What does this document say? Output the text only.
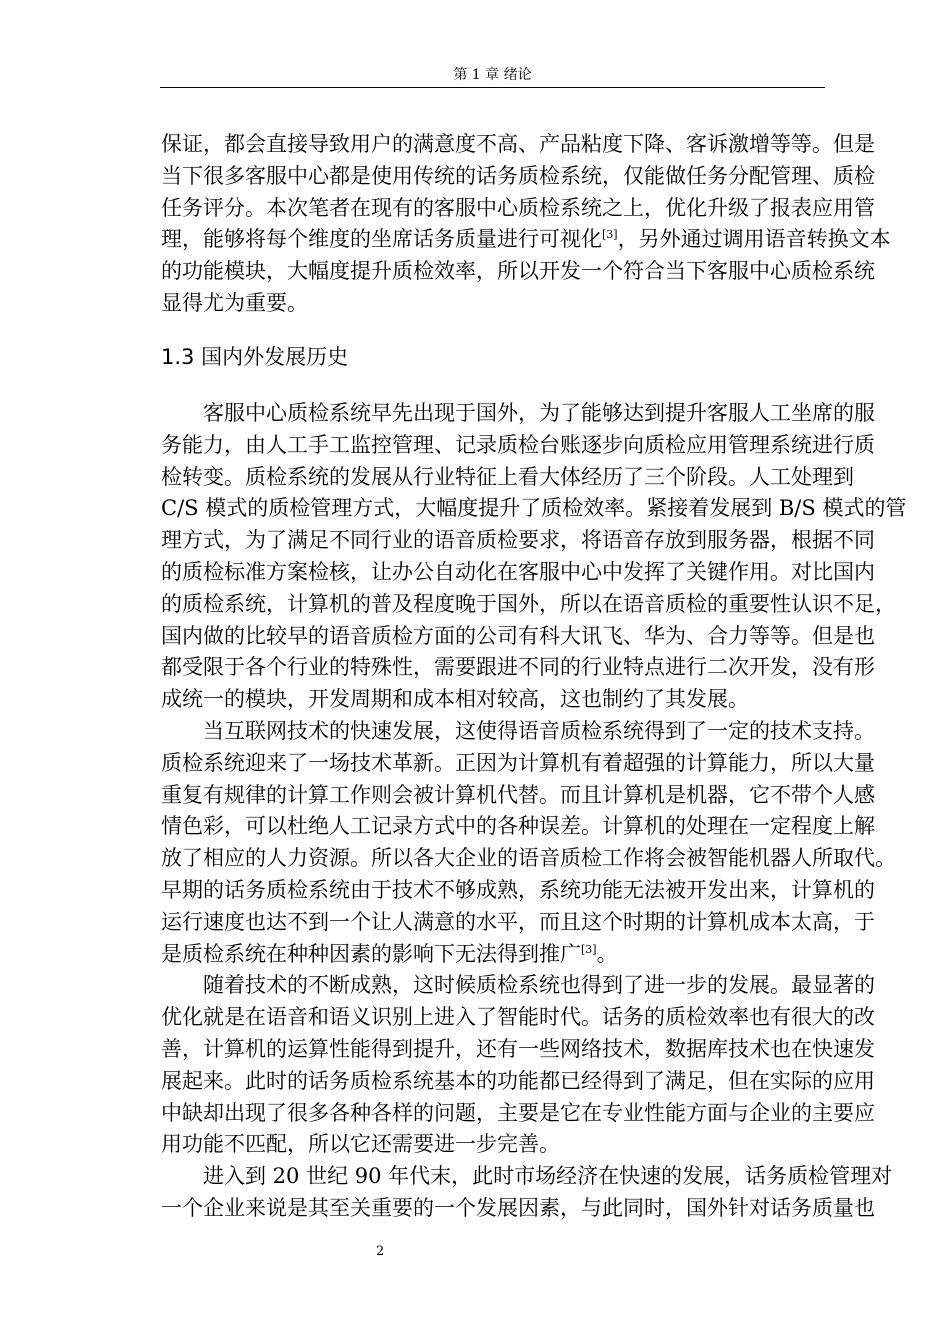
第 1 章 绪论
保证，都会直接导致用户的满意度不高、产品粘度下降、客诉激增等等。但是
当下很多客服中心都是使用传统的话务质检系统，仅能做任务分配管理、质检
任务评分。本次笔者在现有的客服中心质检系统之上，优化升级了报表应用管
理，能够将每个维度的坐席话务质量进行可视化[3]，另外通过调用语音转换文本
的功能模块，大幅度提升质检效率，所以开发一个符合当下客服中心质检系统
显得尤为重要。
1.3 国内外发展历史
客服中心质检系统早先出现于国外，为了能够达到提升客服人工坐席的服
务能力，由人工手工监控管理、记录质检台账逐步向质检应用管理系统进行质
检转变。质检系统的发展从行业特征上看大体经历了三个阶段。人工处理到
C/S 模式的质检管理方式，大幅度提升了质检效率。紧接着发展到 B/S 模式的管
理方式，为了满足不同行业的语音质检要求，将语音存放到服务器，根据不同
的质检标准方案检核，让办公自动化在客服中心中发挥了关键作用。对比国内
的质检系统，计算机的普及程度晚于国外，所以在语音质检的重要性认识不足，
国内做的比较早的语音质检方面的公司有科大讯飞、华为、合力等等。但是也
都受限于各个行业的特殊性，需要跟进不同的行业特点进行二次开发，没有形
成统一的模块，开发周期和成本相对较高，这也制约了其发展。
当互联网技术的快速发展，这使得语音质检系统得到了一定的技术支持。
质检系统迎来了一场技术革新。正因为计算机有着超强的计算能力，所以大量
重复有规律的计算工作则会被计算机代替。而且计算机是机器，它不带个人感
情色彩，可以杜绝人工记录方式中的各种误差。计算机的处理在一定程度上解
放了相应的人力资源。所以各大企业的语音质检工作将会被智能机器人所取代。
早期的话务质检系统由于技术不够成熟，系统功能无法被开发出来，计算机的
运行速度也达不到一个让人满意的水平，而且这个时期的计算机成本太高，于
是质检系统在种种因素的影响下无法得到推广[3]。
随着技术的不断成熟，这时候质检系统也得到了进一步的发展。最显著的
优化就是在语音和语义识别上进入了智能时代。话务的质检效率也有很大的改
善，计算机的运算性能得到提升，还有一些网络技术，数据库技术也在快速发
展起来。此时的话务质检系统基本的功能都已经得到了满足，但在实际的应用
中缺却出现了很多各种各样的问题，主要是它在专业性能方面与企业的主要应
用功能不匹配，所以它还需要进一步完善。
进入到 20 世纪 90 年代末，此时市场经济在快速的发展，话务质检管理对
一个企业来说是其至关重要的一个发展因素，与此同时，国外针对话务质量也
2
